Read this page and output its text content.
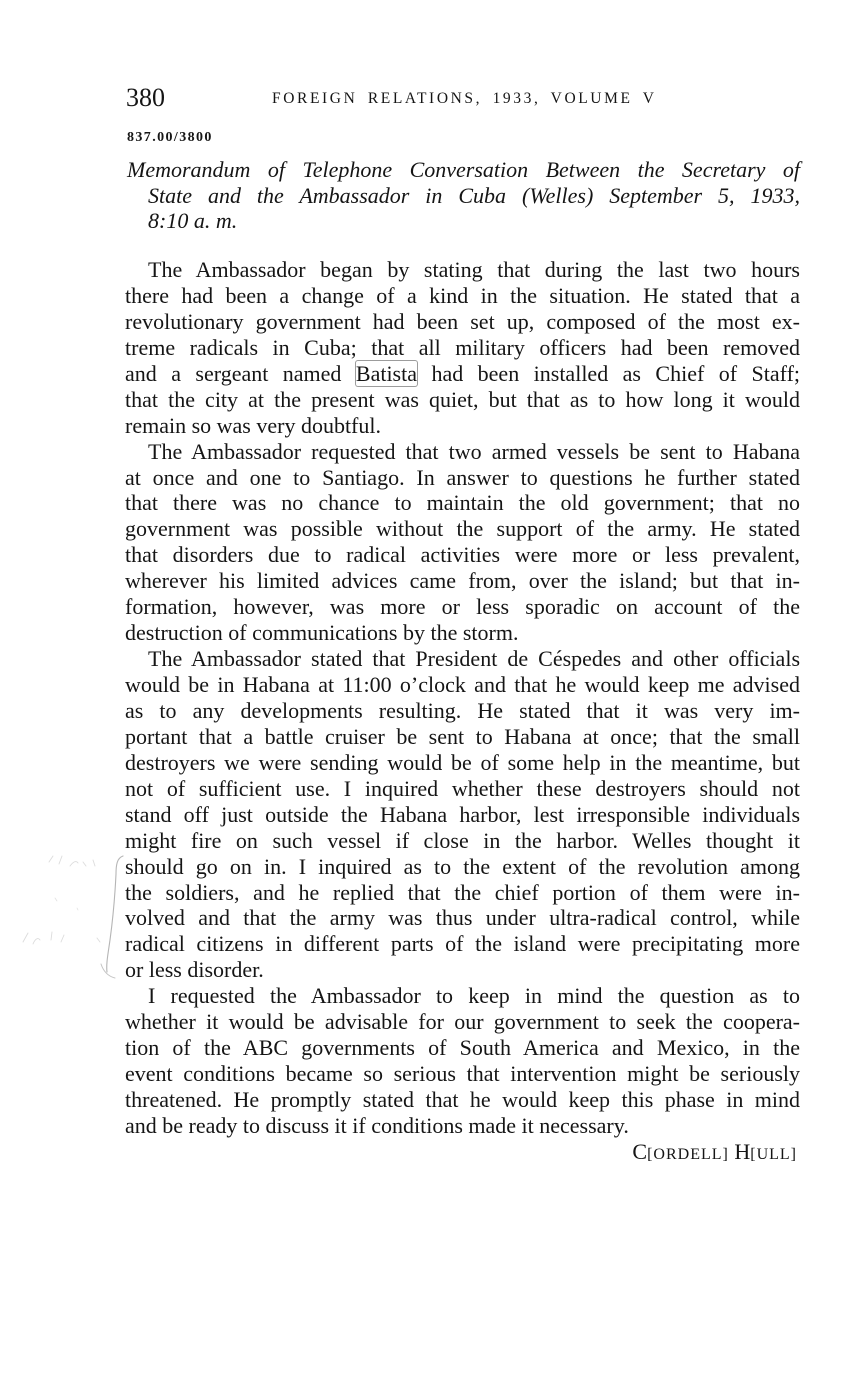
380	FOREIGN RELATIONS, 1933, VOLUME V
837.00/3800
Memorandum of Telephone Conversation Between the Secretary of
State and the Ambassador in Cuba (Welles) September 5, 1933,
8:10 a. m.
The Ambassador began by stating that during the last two hours
there had been a change of a kind in the situation. He stated that a
revolutionary government had been set up, composed of the most ex-
treme radicals in Cuba; that all military officers had been removed
and a sergeant named Batista had been installed as Chief of Staff;
that the city at the present was quiet, but that as to how long it would
remain so was very doubtful.
The Ambassador requested that two armed vessels be sent to Habana
at once and one to Santiago. In answer to questions he further stated
that there was no chance to maintain the old government; that no
government was possible without the support of the army. He stated
that disorders due to radical activities were more or less prevalent,
wherever his limited advices came from, over the island; but that in-
formation, however, was more or less sporadic on account of the
destruction of communications by the storm.
The Ambassador stated that President de Céspedes and other officials
would be in Habana at 11:00 o’clock and that he would keep me advised
as to any developments resulting. He stated that it was very im-
portant that a battle cruiser be sent to Habana at once; that the small
destroyers we were sending would be of some help in the meantime, but
not of sufficient use. I inquired whether these destroyers should not
stand off just outside the Habana harbor, lest irresponsible individuals
might fire on such vessel if close in the harbor. Welles thought it
should go on in. I inquired as to the extent of the revolution among
the soldiers, and he replied that the chief portion of them were in-
volved and that the army was thus under ultra-radical control, while
radical citizens in different parts of the island were precipitating more
or less disorder.
I requested the Ambassador to keep in mind the question as to
whether it would be advisable for our government to seek the coopera-
tion of the ABC governments of South America and Mexico, in the
event conditions became so serious that intervention might be seriously
threatened. He promptly stated that he would keep this phase in mind
and be ready to discuss it if conditions made it necessary.
C[ORDELL] H[ULL]
